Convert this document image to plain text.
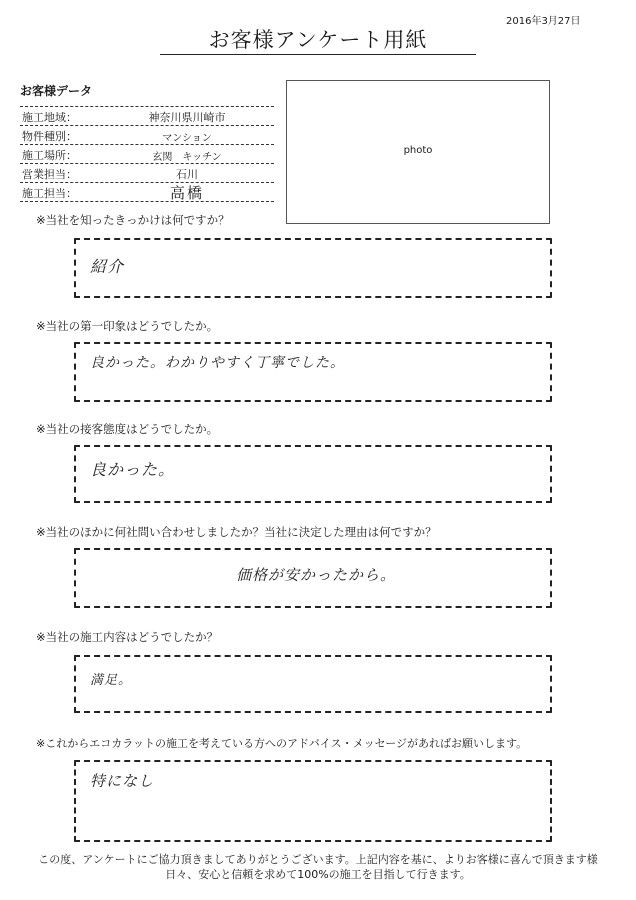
2016年3月27日
お客様アンケート用紙
お客様データ
施工地域：	神奈川県川崎市
物件種別：	マンション
施工場所：	玄関　キッチン
営業担当：	石川
施工担当：	高橋
photo
※当社を知ったきっかけは何ですか？
紹介
※当社の第一印象はどうでしたか。
良かった。わかりやすく丁寧でした。
※当社の接客態度はどうでしたか。
良かった。
※当社のほかに何社問い合わせしましたか？当社に決定した理由は何ですか？
価格が安かったから。
※当社の施工内容はどうでしたか？
満足。
※これからエコカラットの施工を考えている方へのアドバイス・メッセージがあればお願いします。
特になし
この度、アンケートにご協力頂きましてありがとうございます。上記内容を基に、よりお客様に喜んで頂きます様
日々、安心と信頼を求めて100%の施工を目指して行きます。
